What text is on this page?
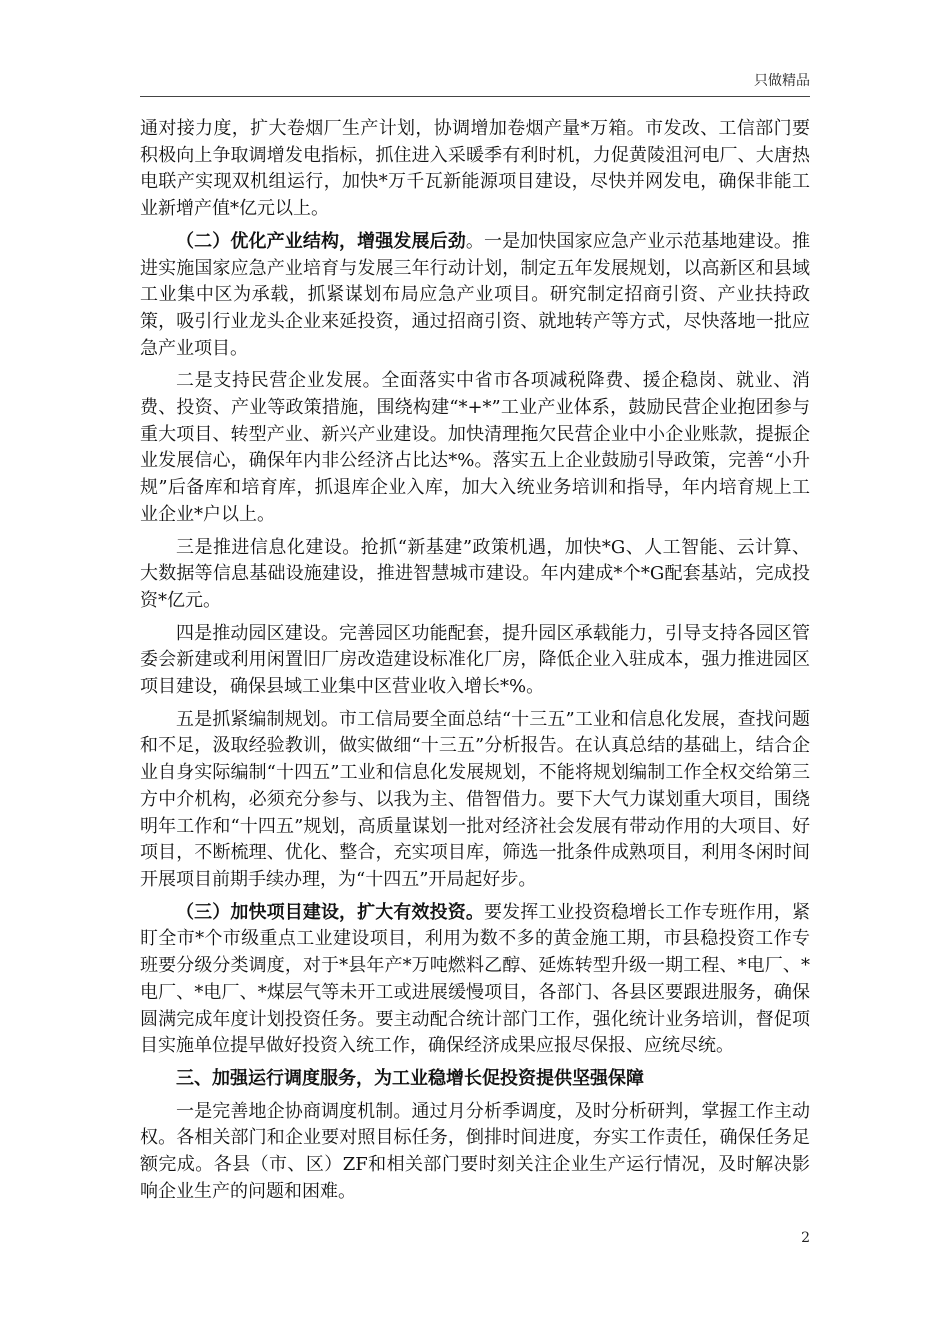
只做精品

通对接力度，扩大卷烟厂生产计划，协调增加卷烟产量*万箱。市发改、工信部门要积极向上争取调增发电指标，抓住进入采暖季有利时机，力促黄陵沮河电厂、大唐热电联产实现双机组运行，加快*万千瓦新能源项目建设，尽快并网发电，确保非能工业新增产值*亿元以上。

（二）优化产业结构，增强发展后劲。一是加快国家应急产业示范基地建设。推进实施国家应急产业培育与发展三年行动计划，制定五年发展规划，以高新区和县域工业集中区为承载，抓紧谋划布局应急产业项目。研究制定招商引资、产业扶持政策，吸引行业龙头企业来延投资，通过招商引资、就地转产等方式，尽快落地一批应急产业项目。

二是支持民营企业发展。全面落实中省市各项减税降费、援企稳岗、就业、消费、投资、产业等政策措施，围绕构建“*+*”工业产业体系，鼓励民营企业抱团参与重大项目、转型产业、新兴产业建设。加快清理拖欠民营企业中小企业账款，提振企业发展信心，确保年内非公经济占比达*%。落实五上企业鼓励引导政策，完善“小升规”后备库和培育库，抓退库企业入库，加大入统业务培训和指导，年内培育规上工业企业*户以上。

三是推进信息化建设。抢抓“新基建”政策机遇，加快*G、人工智能、云计算、大数据等信息基础设施建设，推进智慧城市建设。年内建成*个*G配套基站，完成投资*亿元。

四是推动园区建设。完善园区功能配套，提升园区承载能力，引导支持各园区管委会新建或利用闲置旧厂房改造建设标准化厂房，降低企业入驻成本，强力推进园区项目建设，确保县域工业集中区营业收入增长*%。

五是抓紧编制规划。市工信局要全面总结“十三五”工业和信息化发展，查找问题和不足，汲取经验教训，做实做细“十三五”分析报告。在认真总结的基础上，结合企业自身实际编制“十四五”工业和信息化发展规划，不能将规划编制工作全权交给第三方中介机构，必须充分参与、以我为主、借智借力。要下大气力谋划重大项目，围绕明年工作和“十四五”规划，高质量谋划一批对经济社会发展有带动作用的大项目、好项目，不断梳理、优化、整合，充实项目库，筛选一批条件成熟项目，利用冬闲时间开展项目前期手续办理，为“十四五”开局起好步。

（三）加快项目建设，扩大有效投资。要发挥工业投资稳增长工作专班作用，紧盯全市*个市级重点工业建设项目，利用为数不多的黄金施工期，市县稳投资工作专班要分级分类调度，对于*县年产*万吨燃料乙醇、延炼转型升级一期工程、*电厂、*电厂、*电厂、*煤层气等未开工或进展缓慢项目，各部门、各县区要跟进服务，确保圆满完成年度计划投资任务。要主动配合统计部门工作，强化统计业务培训，督促项目实施单位提早做好投资入统工作，确保经济成果应报尽保报、应统尽统。

三、加强运行调度服务，为工业稳增长促投资提供坚强保障

一是完善地企协商调度机制。通过月分析季调度，及时分析研判，掌握工作主动权。各相关部门和企业要对照目标任务，倒排时间进度，夯实工作责任，确保任务足额完成。各县（市、区）ZF和相关部门要时刻关注企业生产运行情况，及时解决影响企业生产的问题和困难。

2
